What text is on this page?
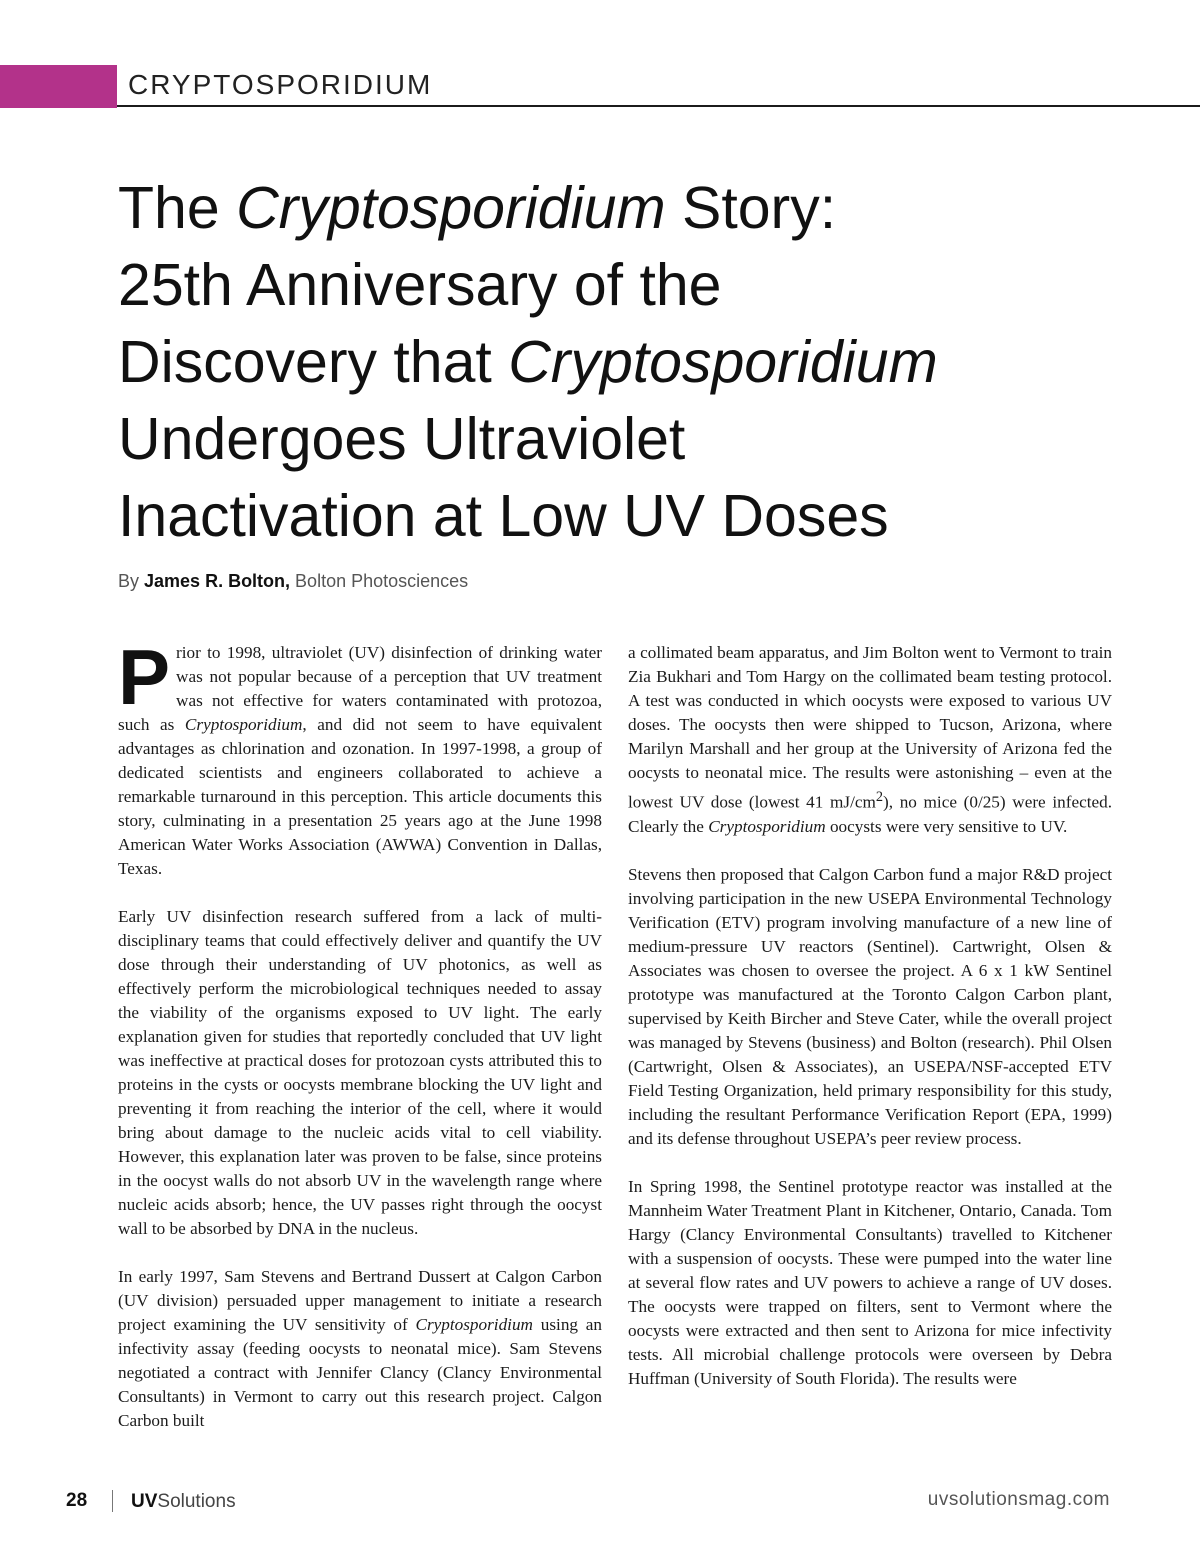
CRYPTOSPORIDIUM
The Cryptosporidium Story:
25th Anniversary of the
Discovery that Cryptosporidium
Undergoes Ultraviolet
Inactivation at Low UV Doses
By James R. Bolton, Bolton Photosciences

Prior to 1998, ultraviolet (UV) disinfection of drinking water was not popular because of a perception that UV treatment was not effective for waters contaminated with protozoa, such as Cryptosporidium, and did not seem to have equivalent advantages as chlorination and ozonation. In 1997-1998, a group of dedicated scientists and engineers collaborated to achieve a remarkable turnaround in this perception. This article documents this story, culminating in a presentation 25 years ago at the June 1998 American Water Works Association (AWWA) Convention in Dallas, Texas.

Early UV disinfection research suffered from a lack of multi-disciplinary teams that could effectively deliver and quantify the UV dose through their understanding of UV photonics, as well as effectively perform the microbiological techniques needed to assay the viability of the organisms exposed to UV light. The early explanation given for studies that reportedly concluded that UV light was ineffective at practical doses for protozoan cysts attributed this to proteins in the cysts or oocysts membrane blocking the UV light and preventing it from reaching the interior of the cell, where it would bring about damage to the nucleic acids vital to cell viability. However, this explanation later was proven to be false, since proteins in the oocyst walls do not absorb UV in the wavelength range where nucleic acids absorb; hence, the UV passes right through the oocyst wall to be absorbed by DNA in the nucleus.

In early 1997, Sam Stevens and Bertrand Dussert at Calgon Carbon (UV division) persuaded upper management to initiate a research project examining the UV sensitivity of Cryptosporidium using an infectivity assay (feeding oocysts to neonatal mice). Sam Stevens negotiated a contract with Jennifer Clancy (Clancy Environmental Consultants) in Vermont to carry out this research project. Calgon Carbon built

a collimated beam apparatus, and Jim Bolton went to Vermont to train Zia Bukhari and Tom Hargy on the collimated beam testing protocol. A test was conducted in which oocysts were exposed to various UV doses. The oocysts then were shipped to Tucson, Arizona, where Marilyn Marshall and her group at the University of Arizona fed the oocysts to neonatal mice. The results were astonishing – even at the lowest UV dose (lowest 41 $mJ/cm^2$), no mice (0/25) were infected. Clearly the Cryptosporidium oocysts were very sensitive to UV.

Stevens then proposed that Calgon Carbon fund a major R&D project involving participation in the new USEPA Environmental Technology Verification (ETV) program involving manufacture of a new line of medium-pressure UV reactors (Sentinel). Cartwright, Olsen & Associates was chosen to oversee the project. A 6 x 1 kW Sentinel prototype was manufactured at the Toronto Calgon Carbon plant, supervised by Keith Bircher and Steve Cater, while the overall project was managed by Stevens (business) and Bolton (research). Phil Olsen (Cartwright, Olsen & Associates), an USEPA/NSF-accepted ETV Field Testing Organization, held primary responsibility for this study, including the resultant Performance Verification Report (EPA, 1999) and its defense throughout USEPA’s peer review process.

In Spring 1998, the Sentinel prototype reactor was installed at the Mannheim Water Treatment Plant in Kitchener, Ontario, Canada. Tom Hargy (Clancy Environmental Consultants) travelled to Kitchener with a suspension of oocysts. These were pumped into the water line at several flow rates and UV powers to achieve a range of UV doses. The oocysts were trapped on filters, sent to Vermont where the oocysts were extracted and then sent to Arizona for mice infectivity tests. All microbial challenge protocols were overseen by Debra Huffman (University of South Florida). The results were

28 UVSolutions	uvsolutionsmag.com
